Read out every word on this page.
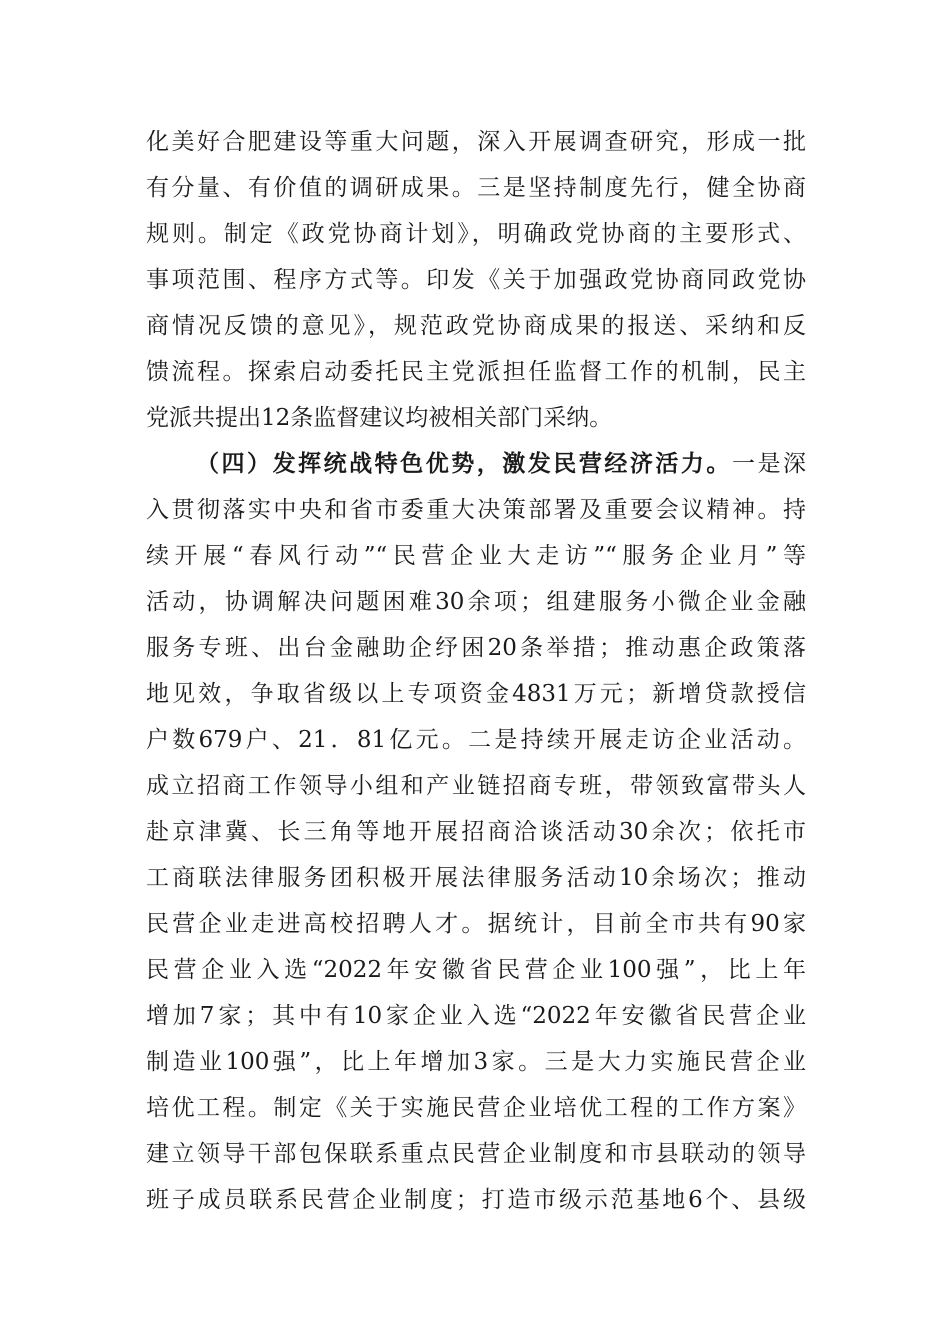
化美好合肥建设等重大问题，深入开展调查研究，形成一批
有分量、有价值的调研成果。三是坚持制度先行，健全协商
规则。制定《政党协商计划》，明确政党协商的主要形式、
事项范围、程序方式等。印发《关于加强政党协商同政党协
商情况反馈的意见》，规范政党协商成果的报送、采纳和反
馈流程。探索启动委托民主党派担任监督工作的机制，民主
党派共提出12条监督建议均被相关部门采纳。
（四）发挥统战特色优势，激发民营经济活力。一是深
入贯彻落实中央和省市委重大决策部署及重要会议精神。持
续开展“春风行动”“民营企业大走访”“服务企业月”等
活动，协调解决问题困难30余项；组建服务小微企业金融
服务专班、出台金融助企纾困20条举措；推动惠企政策落
地见效，争取省级以上专项资金4831万元；新增贷款授信
户数679户、21．81亿元。二是持续开展走访企业活动。
成立招商工作领导小组和产业链招商专班，带领致富带头人
赴京津冀、长三角等地开展招商洽谈活动30余次；依托市
工商联法律服务团积极开展法律服务活动10余场次；推动
民营企业走进高校招聘人才。据统计，目前全市共有90家
民营企业入选“2022年安徽省民营企业100强”，比上年
增加7家；其中有10家企业入选“2022年安徽省民营企业
制造业100强”，比上年增加3家。三是大力实施民营企业
培优工程。制定《关于实施民营企业培优工程的工作方案》
建立领导干部包保联系重点民营企业制度和市县联动的领导
班子成员联系民营企业制度；打造市级示范基地6个、县级
